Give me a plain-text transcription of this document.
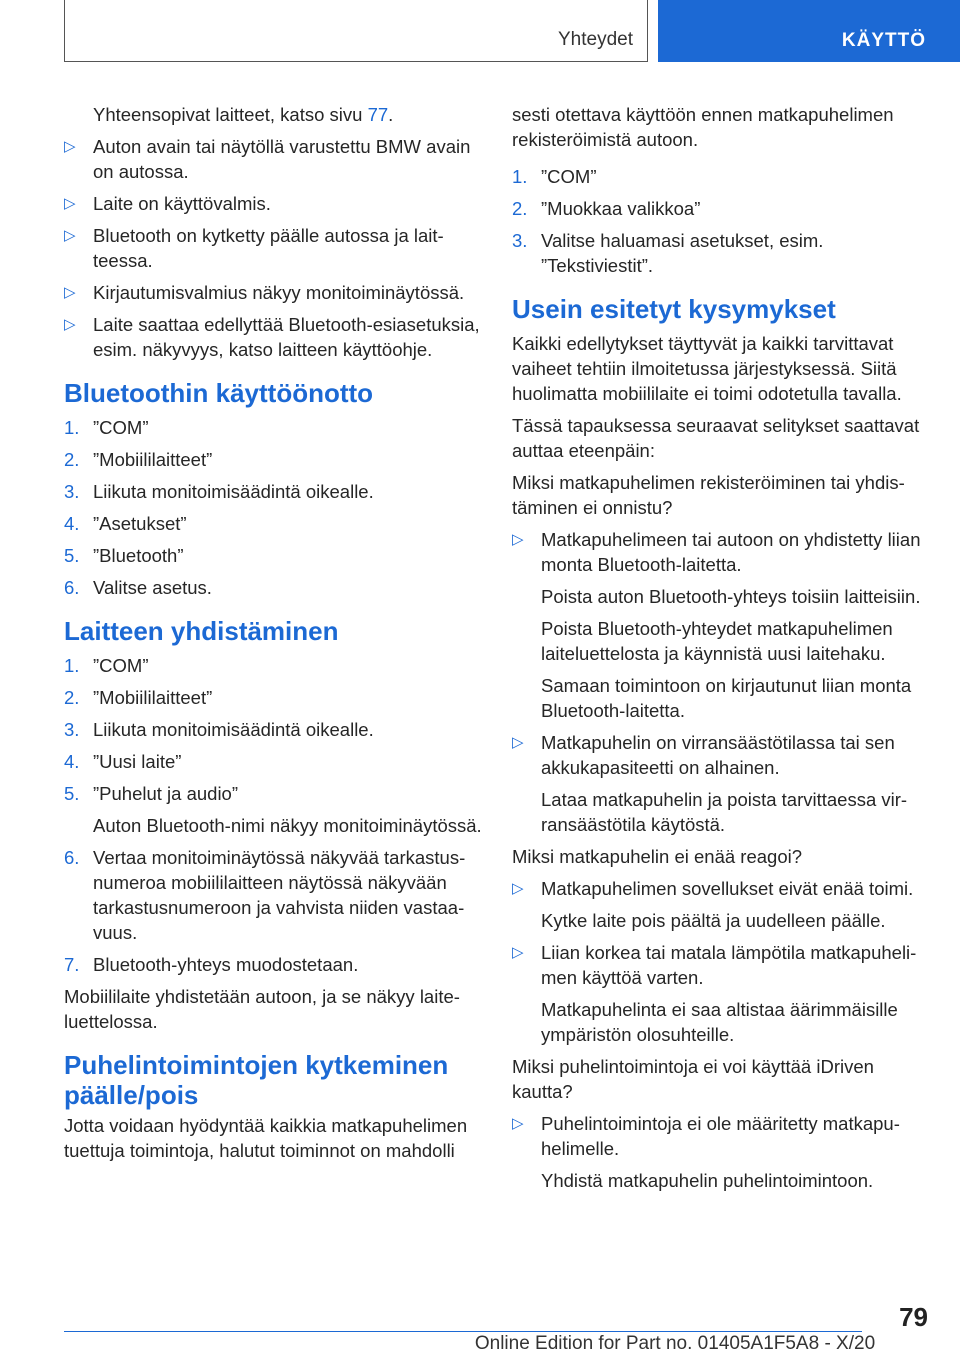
Yhteydet	KÄYTTÖ

Yhteensopivat laitteet, katso sivu 77.

▷ Auton avain tai näytöllä varustettu BMW avain on autossa.
▷ Laite on käyttövalmis.
▷ Bluetooth on kytketty päälle autossa ja laitteessa.
▷ Kirjautumisvalmius näkyy monitoiminäytössä.
▷ Laite saattaa edellyttää Bluetooth-esiasetuksia, esim. näkyvyys, katso laitteen käyttöohje.
Bluetoothin käyttöönotto
1. ”COM”
2. ”Mobiililaitteet”
3. Liikuta monitoimisäädintä oikealle.
4. ”Asetukset”
5. ”Bluetooth”
6. Valitse asetus.
Laitteen yhdistäminen
1. ”COM”
2. ”Mobiililaitteet”
3. Liikuta monitoimisäädintä oikealle.
4. ”Uusi laite”
5. ”Puhelut ja audio”

Auton Bluetooth-nimi näkyy monitoiminäytössä.

6. Vertaa monitoiminäytössä näkyvää tarkastusnumeroa mobiililaitteen näytössä näkyvään tarkastusnumeroon ja vahvista niiden vastaavuus.
7. Bluetooth-yhteys muodostetaan.

Mobiililaite yhdistetään autoon, ja se näkyy laiteluettelossa.

Puhelintoimintojen kytkeminen päälle/pois

Jotta voidaan hyödyntää kaikkia matkapuhelimen tuettuja toimintoja, halutut toiminnot on mahdolli

sesti otettava käyttöön ennen matkapuhelimen rekisteröimistä autoon.

1. ”COM”
2. ”Muokkaa valikkoa”
3. Valitse haluamasi asetukset, esim. ”Tekstiviestit”.
Usein esitetyt kysymykset

Kaikki edellytykset täyttyvät ja kaikki tarvittavat vaiheet tehtiin ilmoitetussa järjestyksessä. Siitä huolimatta mobiililaite ei toimi odotetulla tavalla.

Tässä tapauksessa seuraavat selitykset saattavat auttaa eteenpäin:

Miksi matkapuhelimen rekisteröiminen tai yhdistäminen ei onnistu?

▷ Matkapuhelimeen tai autoon on yhdistetty liian monta Bluetooth-laitetta.

Poista auton Bluetooth-yhteys toisiin laitteisiin.

Poista Bluetooth-yhteydet matkapuhelimen laiteluettelosta ja käynnistä uusi laitehaku.

Samaan toimintoon on kirjautunut liian monta Bluetooth-laitetta.

▷ Matkapuhelin on virransäästötilassa tai sen akkukapasiteetti on alhainen.

Lataa matkapuhelin ja poista tarvittaessa virransäästötila käytöstä.

Miksi matkapuhelin ei enää reagoi?

▷ Matkapuhelimen sovellukset eivät enää toimi.

Kytke laite pois päältä ja uudelleen päälle.

▷ Liian korkea tai matala lämpötila matkapuhelimen käyttöä varten.

Matkapuhelinta ei saa altistaa äärimmäisille ympäristön olosuhteille.

Miksi puhelintoimintoja ei voi käyttää iDriven kautta?

▷ Puhelintoimintoja ei ole määritetty matkapuhelimelle.

Yhdistä matkapuhelin puhelintoimintoon.

79
Online Edition for Part no. 01405A1F5A8 - X/20
